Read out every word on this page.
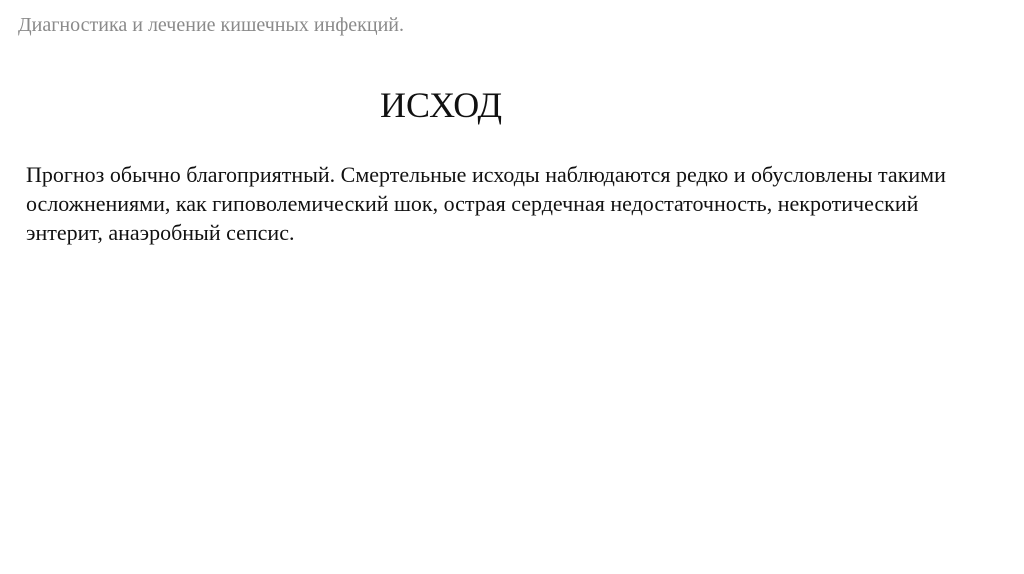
Диагностика и лечение кишечных инфекций.
ИСХОД
Прогноз обычно благоприятный. Смертельные исходы наблюдаются редко и обусловлены такими осложнениями, как гиповолемический шок, острая сердечная недостаточность, некротический энтерит, анаэробный сепсис.
